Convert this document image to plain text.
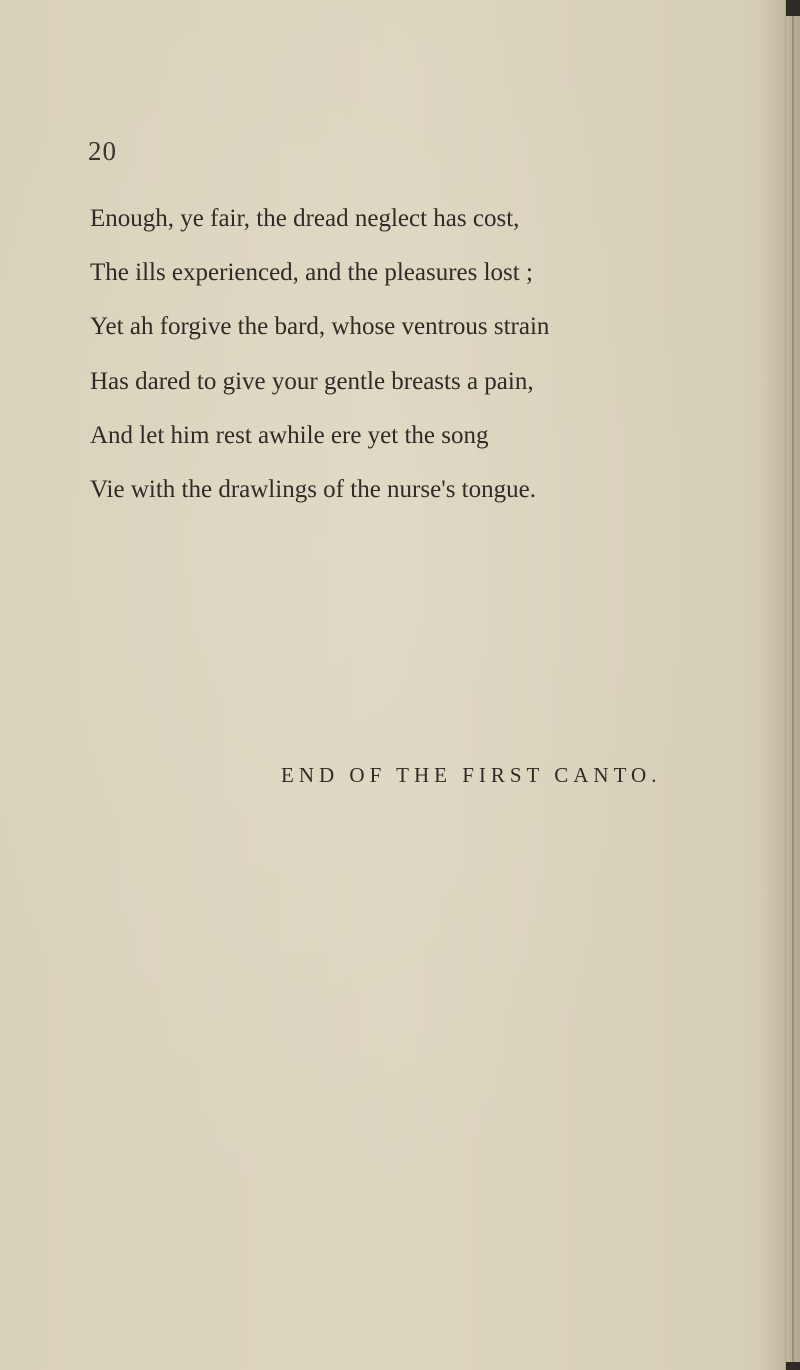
20
Enough, ye fair, the dread neglect has cost,
The ills experienced, and the pleasures lost ;
Yet ah forgive the bard, whose ventrous strain
Has dared to give your gentle breasts a pain,
And let him rest awhile ere yet the song
Vie with the drawlings of the nurse's tongue.
END OF THE FIRST CANTO.
